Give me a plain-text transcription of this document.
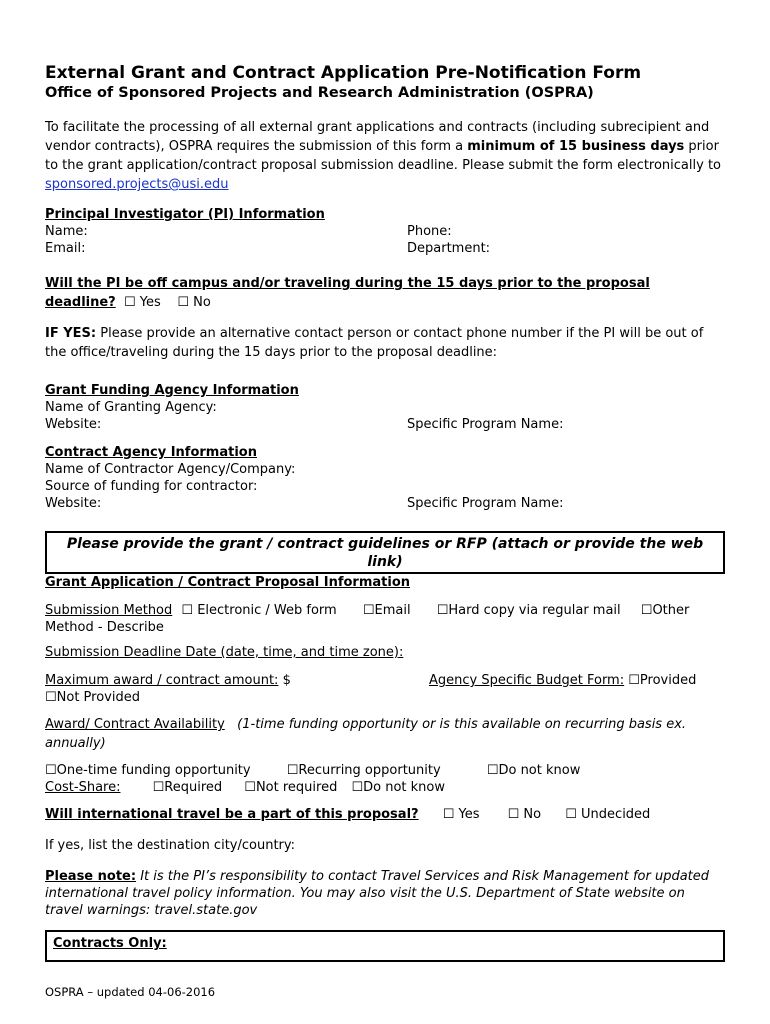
External Grant and Contract Application Pre-Notification Form
Office of Sponsored Projects and Research Administration (OSPRA)

To facilitate the processing of all external grant applications and contracts (including subrecipient and vendor contracts), OSPRA requires the submission of this form a minimum of 15 business days prior to the grant application/contract proposal submission deadline. Please submit the form electronically to sponsored.projects@usi.edu

Principal Investigator (PI) Information
Name:	Phone:
Email:	Department:

Will the PI be off campus and/or traveling during the 15 days prior to the proposal deadline? ☐ Yes ☐ No

IF YES: Please provide an alternative contact person or contact phone number if the PI will be out of the office/traveling during the 15 days prior to the proposal deadline:

Grant Funding Agency Information
Name of Granting Agency:
Website:	Specific Program Name:
Contract Agency Information
Name of Contractor Agency/Company:
Source of funding for contractor:
Website:	Specific Program Name:
Please provide the grant / contract guidelines or RFP (attach or provide the web link)
Grant Application / Contract Proposal Information
Submission Method ☐ Electronic / Web form ☐Email ☐Hard copy via regular mail ☐Other
Method - Describe
Submission Deadline Date (date, time, and time zone):
Maximum award / contract amount: $	Agency Specific Budget Form: ☐Provided
☐Not Provided

Award/ Contract Availability (1-time funding opportunity or is this available on recurring basis ex. annually)

☐One-time funding opportunity	☐Recurring opportunity	☐Do not know
Cost-Share: ☐Required ☐Not required ☐Do not know
Will international travel be a part of this proposal? ☐ Yes ☐ No ☐ Undecided
If yes, list the destination city/country:

Please note: It is the PI’s responsibility to contact Travel Services and Risk Management for updated international travel policy information. You may also visit the U.S. Department of State website on travel warnings: travel.state.gov

Contracts Only:
OSPRA – updated 04-06-2016
